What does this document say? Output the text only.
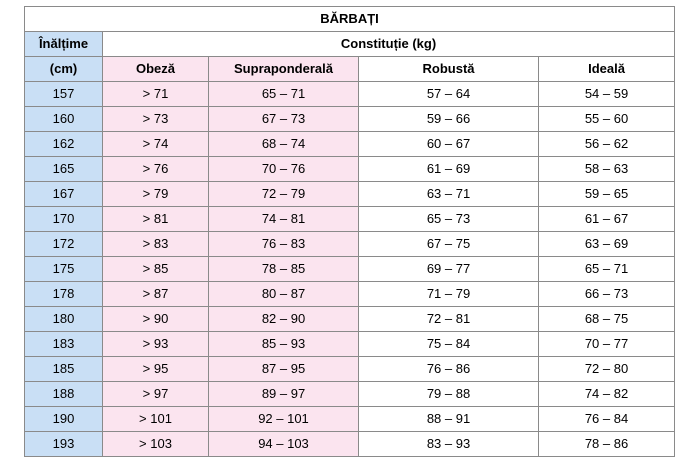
BĂRBAȚI				
Înălțime	Constituție (kg)			
(cm)	Obeză	Supraponderală	Robustă	Ideală
157	> 71	65 – 71	57 – 64	54 – 59
160	> 73	67 – 73	59 – 66	55 – 60
162	> 74	68 – 74	60 – 67	56 – 62
165	> 76	70 – 76	61 – 69	58 – 63
167	> 79	72 – 79	63 – 71	59 – 65
170	> 81	74 – 81	65 – 73	61 – 67
172	> 83	76 – 83	67 – 75	63 – 69
175	> 85	78 – 85	69 – 77	65 – 71
178	> 87	80 – 87	71 – 79	66 – 73
180	> 90	82 – 90	72 – 81	68 – 75
183	> 93	85 – 93	75 – 84	70 – 77
185	> 95	87 – 95	76 – 86	72 – 80
188	> 97	89 – 97	79 – 88	74 – 82
190	> 101	92 – 101	88 – 91	76 – 84
193	> 103	94 – 103	83 – 93	78 – 86
